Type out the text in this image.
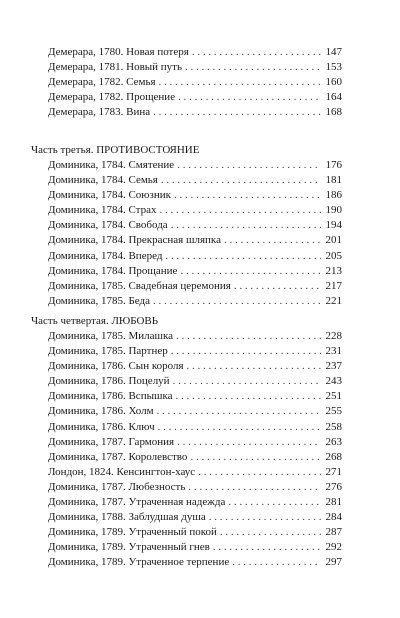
Демерара, 1780. Новая потеря . . .	147
Демерара, 1781. Новый путь . . .	153
Демерара, 1782. Семья . . .	160
Демерара, 1782. Прощение . . .	164
Демерара, 1783. Вина . . .	168
Часть третья. ПРОТИВОСТОЯНИЕ
Доминика, 1784. Смятение . . .	176
Доминика, 1784. Семья . . .	181
Доминика, 1784. Союзник . . .	186
Доминика, 1784. Страх . . .	190
Доминика, 1784. Свобода . . .	194
Доминика, 1784. Прекрасная шляпка . . .	201
Доминика, 1784. Вперед . . .	205
Доминика, 1784. Прощание . . .	213
Доминика, 1785. Свадебная церемония . . .	217
Доминика, 1785. Беда . . .	221
Часть четвертая. ЛЮБОВЬ
Доминика, 1785. Милашка . . .	228
Доминика, 1785. Партнер . . .	231
Доминика, 1786. Сын короля . . .	237
Доминика, 1786. Поцелуй . . .	243
Доминика, 1786. Вспышка . . .	251
Доминика, 1786. Холм . . .	255
Доминика, 1786. Ключ . . .	258
Доминика, 1787. Гармония . . .	263
Доминика, 1787. Королевство . . .	268
Лондон, 1824. Кенсингтон-хаус . . .	271
Доминика, 1787. Любезность . . .	276
Доминика, 1787. Утраченная надежда . . .	281
Доминика, 1788. Заблудшая душа . . .	284
Доминика, 1789. Утраченный покой . . .	287
Доминика, 1789. Утраченный гнев . . .	292
Доминика, 1789. Утраченное терпение . . .	297
